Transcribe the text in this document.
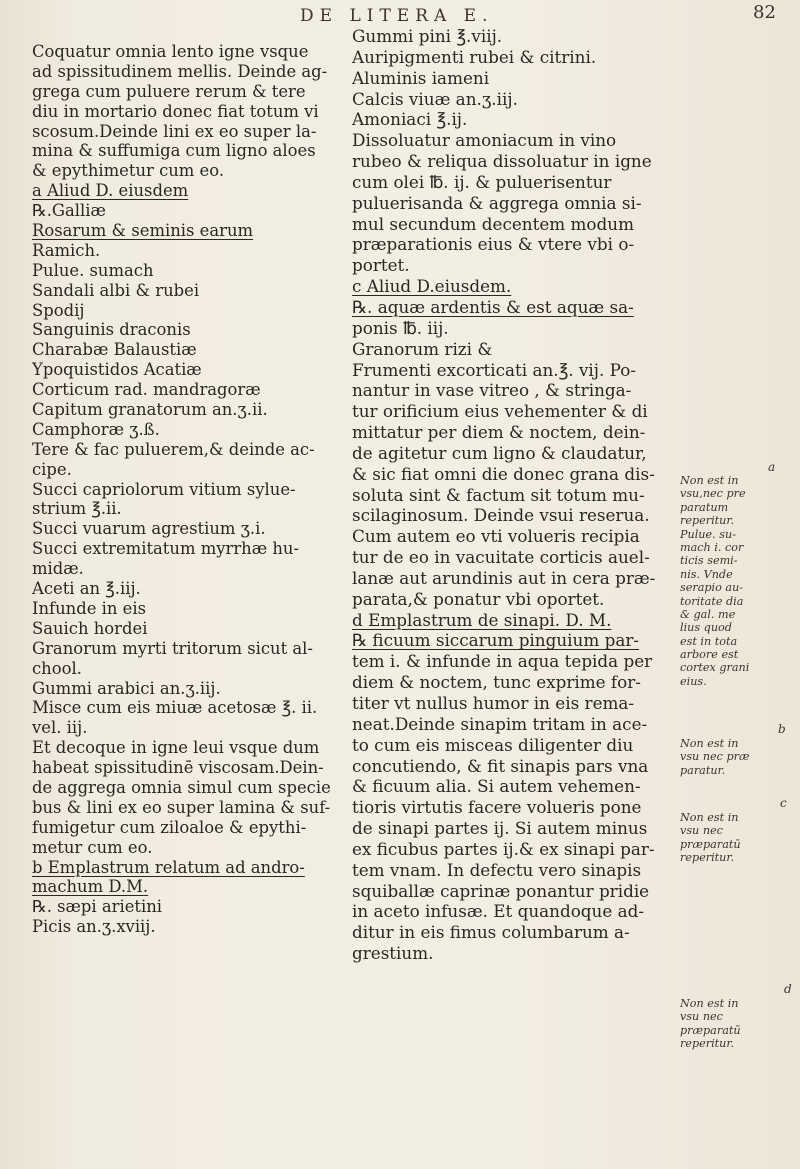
DE LITERA E.	82
Coquatur omnia lento igne vsque
ad spissitudinem mellis. Deinde ag-
grega cum puluere rerum & tere
diu in mortario donec fiat totum vi
scosum.Deinde lini ex eo super la-
mina & suffumiga cum ligno aloes
& epythimetur cum eo.
a Aliud D. eiusdem
℞.Galliæ
Rosarum & seminis earum
Ramich.
Pulue. sumach
Sandali albi & rubei
Spodij
Sanguinis draconis
Charabæ Balaustiæ
Ypoquistidos Acatiæ
Corticum rad. mandragoræ
Capitum granatorum an.ʒ.ii.
Camphoræ ʒ.ß.
Tere & fac puluerem,& deinde ac-
cipe.
Succi capriolorum vitium sylue-
strium ℥.ii.
Succi vuarum agrestium ʒ.i.
Succi extremitatum myrrhæ hu-
midæ.
Aceti an ℥.iij.
Infunde in eis
Sauich hordei
Granorum myrti tritorum sicut al-
chool.
Gummi arabici an.ʒ.iij.
Misce cum eis miuæ acetosæ ℥. ii.
vel. iij.
Et decoque in igne leui vsque dum
habeat spissitudinē viscosam.Dein-
de aggrega omnia simul cum specie
bus & lini ex eo super lamina & suf-
fumigetur cum ziloaloe & epythi-
metur cum eo.
b Emplastrum relatum ad andro-
machum D.M.
℞. sæpi arietini
Picis an.ʒ.xviij.
Gummi pini ℥.viij.
Auripigmenti rubei & citrini.
Aluminis iameni
Calcis viuæ an.ʒ.iij.
Amoniaci ℥.ij.
Dissoluatur amoniacum in vino
rubeo & reliqua dissoluatur in igne
cum olei ℔. ij. & puluerisentur
puluerisanda & aggrega omnia si-
mul secundum decentem modum
præparationis eius & vtere vbi o-
portet.
c Aliud D.eiusdem.
℞. aquæ ardentis & est aquæ sa-
ponis ℔. iij.
Granorum rizi &
Frumenti excorticati an.℥. vij. Po-
nantur in vase vitreo , & stringa-
tur orificium eius vehementer & di
mittatur per diem & noctem, dein-
de agitetur cum ligno & claudatur,
& sic fiat omni die donec grana dis-
soluta sint & factum sit totum mu-
scilaginosum. Deinde vsui reserua.
Cum autem eo vti volueris recipia
tur de eo in vacuitate corticis auel-
lanæ aut arundinis aut in cera præ-
parata,& ponatur vbi oportet.
d Emplastrum de sinapi. D. M.
℞ ficuum siccarum pinguium par-
tem i. & infunde in aqua tepida per
diem & noctem, tunc exprime for-
titer vt nullus humor in eis rema-
neat.Deinde sinapim tritam in ace-
to cum eis misceas diligenter diu
concutiendo, & fit sinapis pars vna
& ficuum alia. Si autem vehemen-
tioris virtutis facere volueris pone
de sinapi partes ij. Si autem minus
ex ficubus partes ij.& ex sinapi par-
tem vnam. In defectu vero sinapis
squiballæ caprinæ ponantur pridie
in aceto infusæ. Et quandoque ad-
ditur in eis fimus columbarum a-
grestium.
a
Non est in
vsu,nec pre
paratum
reperitur.
Pulue. su-
mach i. cor
ticis semi-
nis. Vnde
serapio au-
toritate dia
& gal. me
lius quod
est in tota
arbore est
cortex grani
eius.
b
Non est in
vsu nec præ
paratur.
c
Non est in
vsu nec
præparatū
reperitur.
d
Non est in
vsu nec
præparatū
reperitur.
